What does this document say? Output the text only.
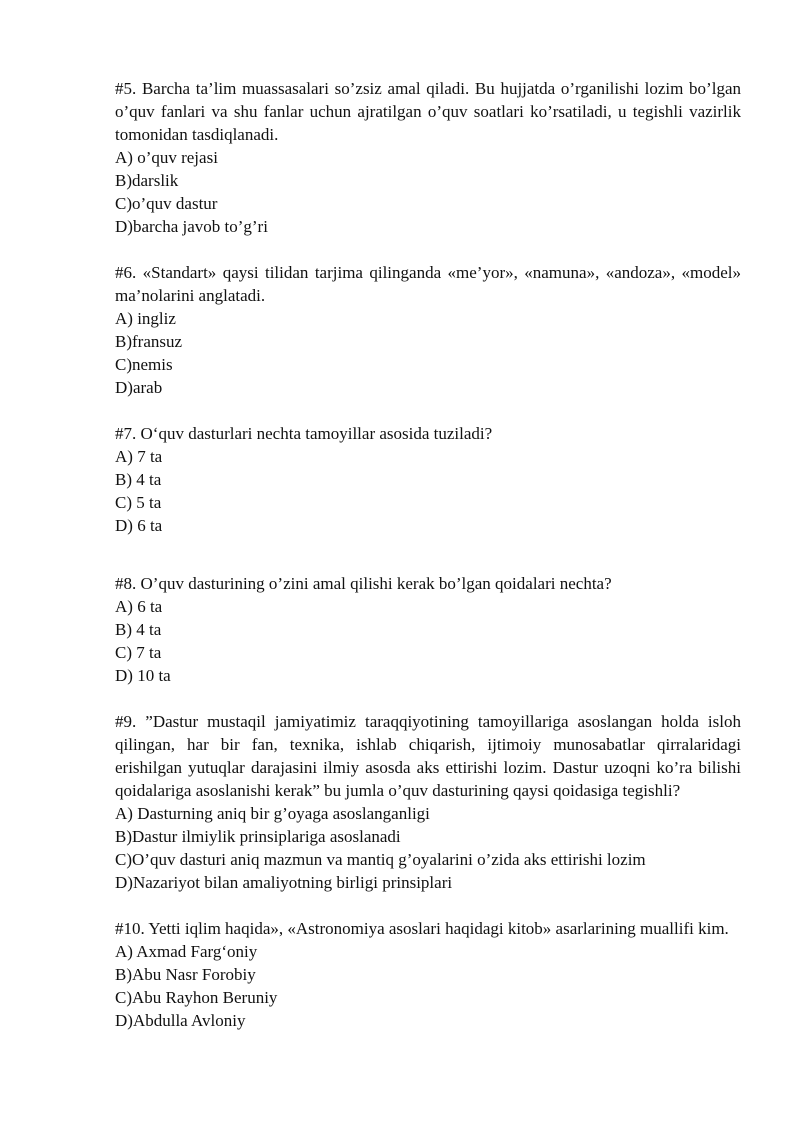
#5. Barcha ta’lim muassasalari so’zsiz amal qiladi. Bu hujjatda o’rganilishi lozim bo’lgan o’quv fanlari va shu fanlar uchun ajratilgan o’quv soatlari ko’rsatiladi, u tegishli vazirlik tomonidan tasdiqlanadi.

A) o’quv rejasi

B)darslik

C)o’quv dastur

D)barcha javob to’g’ri

#6. «Standart» qaysi tilidan tarjima qilinganda «me’yor», «namuna», «andoza», «model» ma’nolarini anglatadi.

A) ingliz

B)fransuz

C)nemis

D)arab

#7. O‘quv dasturlari nechta tamoyillar asosida tuziladi?

A) 7 ta

B) 4 ta

C) 5 ta

D) 6 ta

#8. O’quv dasturining o’zini amal qilishi kerak bo’lgan qoidalari nechta?

A) 6 ta

B) 4 ta

C) 7 ta

D) 10 ta

#9. ”Dastur mustaqil jamiyatimiz taraqqiyotining tamoyillariga asoslangan holda isloh qilingan, har bir fan, texnika, ishlab chiqarish, ijtimoiy munosabatlar qirralaridagi erishilgan yutuqlar darajasini ilmiy asosda aks ettirishi lozim. Dastur uzoqni ko’ra bilishi qoidalariga asoslanishi kerak” bu jumla o’quv dasturining qaysi qoidasiga tegishli?

A) Dasturning aniq bir g’oyaga asoslanganligi

B)Dastur ilmiylik prinsiplariga asoslanadi

C)O’quv dasturi aniq mazmun va mantiq g’oyalarini o’zida aks ettirishi lozim

D)Nazariyot bilan amaliyotning birligi prinsiplari

#10. Yetti iqlim haqida», «Astronomiya asoslari haqidagi kitob» asarlarining muallifi kim.

A) Axmad Farg‘oniy

B)Abu Nasr Forobiy

C)Abu Rayhon Beruniy

D)Abdulla Avloniy
